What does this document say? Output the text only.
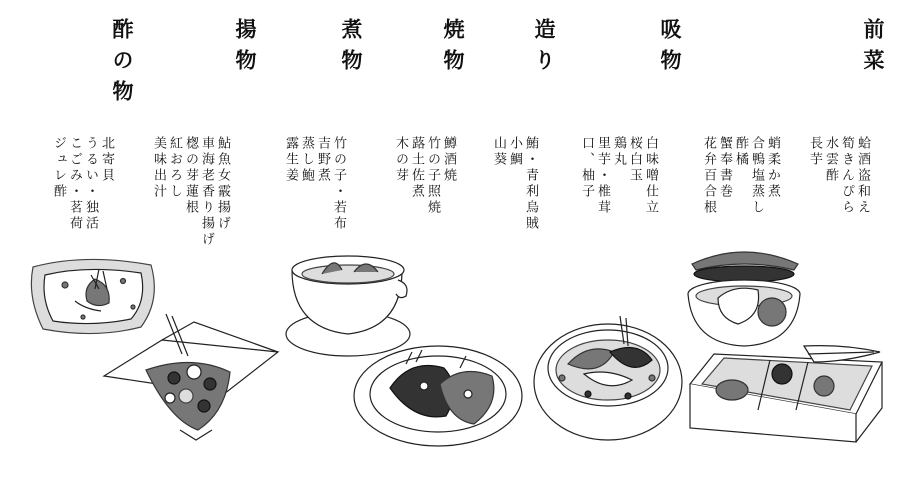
前菜
吸物
造り
焼物
煮物
揚物
酢の物
蛤酒盗和え
筍きんぴら
水雲酢
長芋
蛸柔か煮
合鴨塩蒸し
酢橘
蟹奉書巻
花弁百合根
白味噌仕立
桜白玉
鶏丸
里芋・椎茸
口、柚子
鮪・青利烏賊
小鯛
山葵
鱒酒焼
竹の子照焼
蕗土佐煮
木の芽
竹の子・若布
吉野煮
蒸し鮑
露生姜
鮎魚女霰揚げ
車海老香り揚げ
楤の芽蓮根
紅おろし
美味出汁
北寄貝
うるい・独活
こごみ・茗荷
ジュレ酢
